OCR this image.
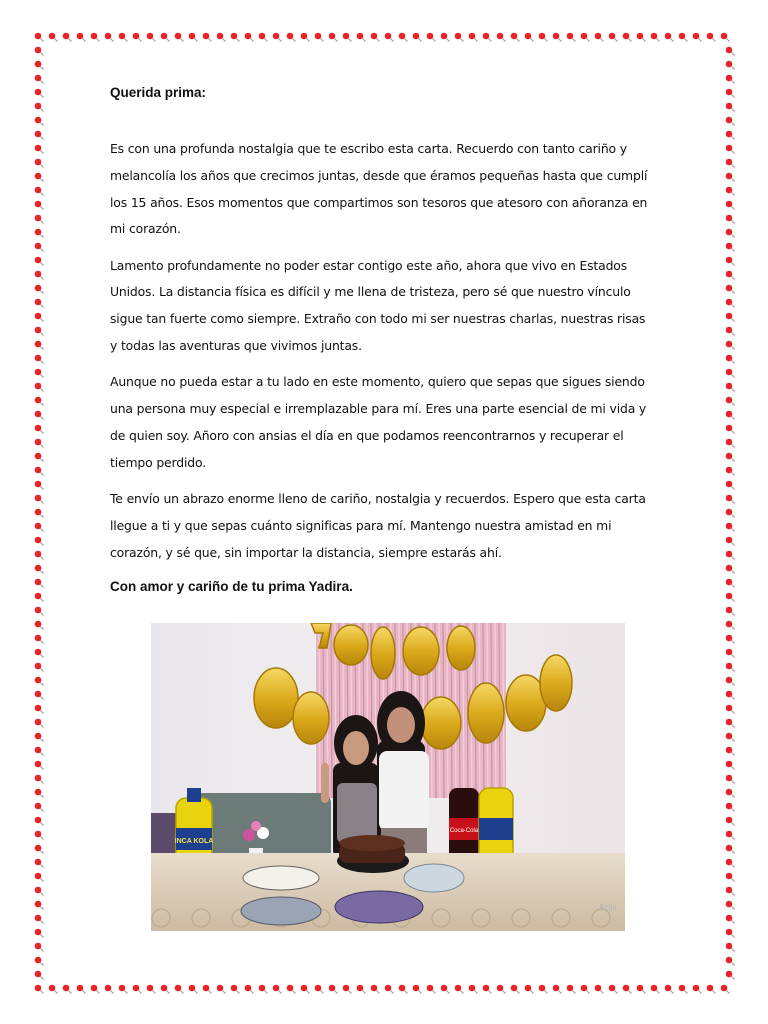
Querida prima:

Es con una profunda nostalgia que te escribo esta carta. Recuerdo con tanto cariño y melancolía los años que crecimos juntas, desde que éramos pequeñas hasta que cumplí los 15 años. Esos momentos que compartimos son tesoros que atesoro con añoranza en mi corazón.

Lamento profundamente no poder estar contigo este año, ahora que vivo en Estados Unidos. La distancia física es difícil y me llena de tristeza, pero sé que nuestro vínculo sigue tan fuerte como siempre. Extraño con todo mi ser nuestras charlas, nuestras risas y todas las aventuras que vivimos juntas.

Aunque no pueda estar a tu lado en este momento, quiero que sepas que sigues siendo una persona muy especial e irremplazable para mí. Eres una parte esencial de mi vida y de quien soy. Añoro con ansias el día en que podamos reencontrarnos y recuperar el tiempo perdido.

Te envío un abrazo enorme lleno de cariño, nostalgia y recuerdos. Espero que esta carta llegue a ti y que sepas cuánto significas para mí. Mantengo nuestra amistad en mi corazón, y sé que, sin importar la distancia, siempre estarás ahí.

Con amor y cariño de tu prima Yadira.

INCA KOLA
Coca-Cola
Activ
